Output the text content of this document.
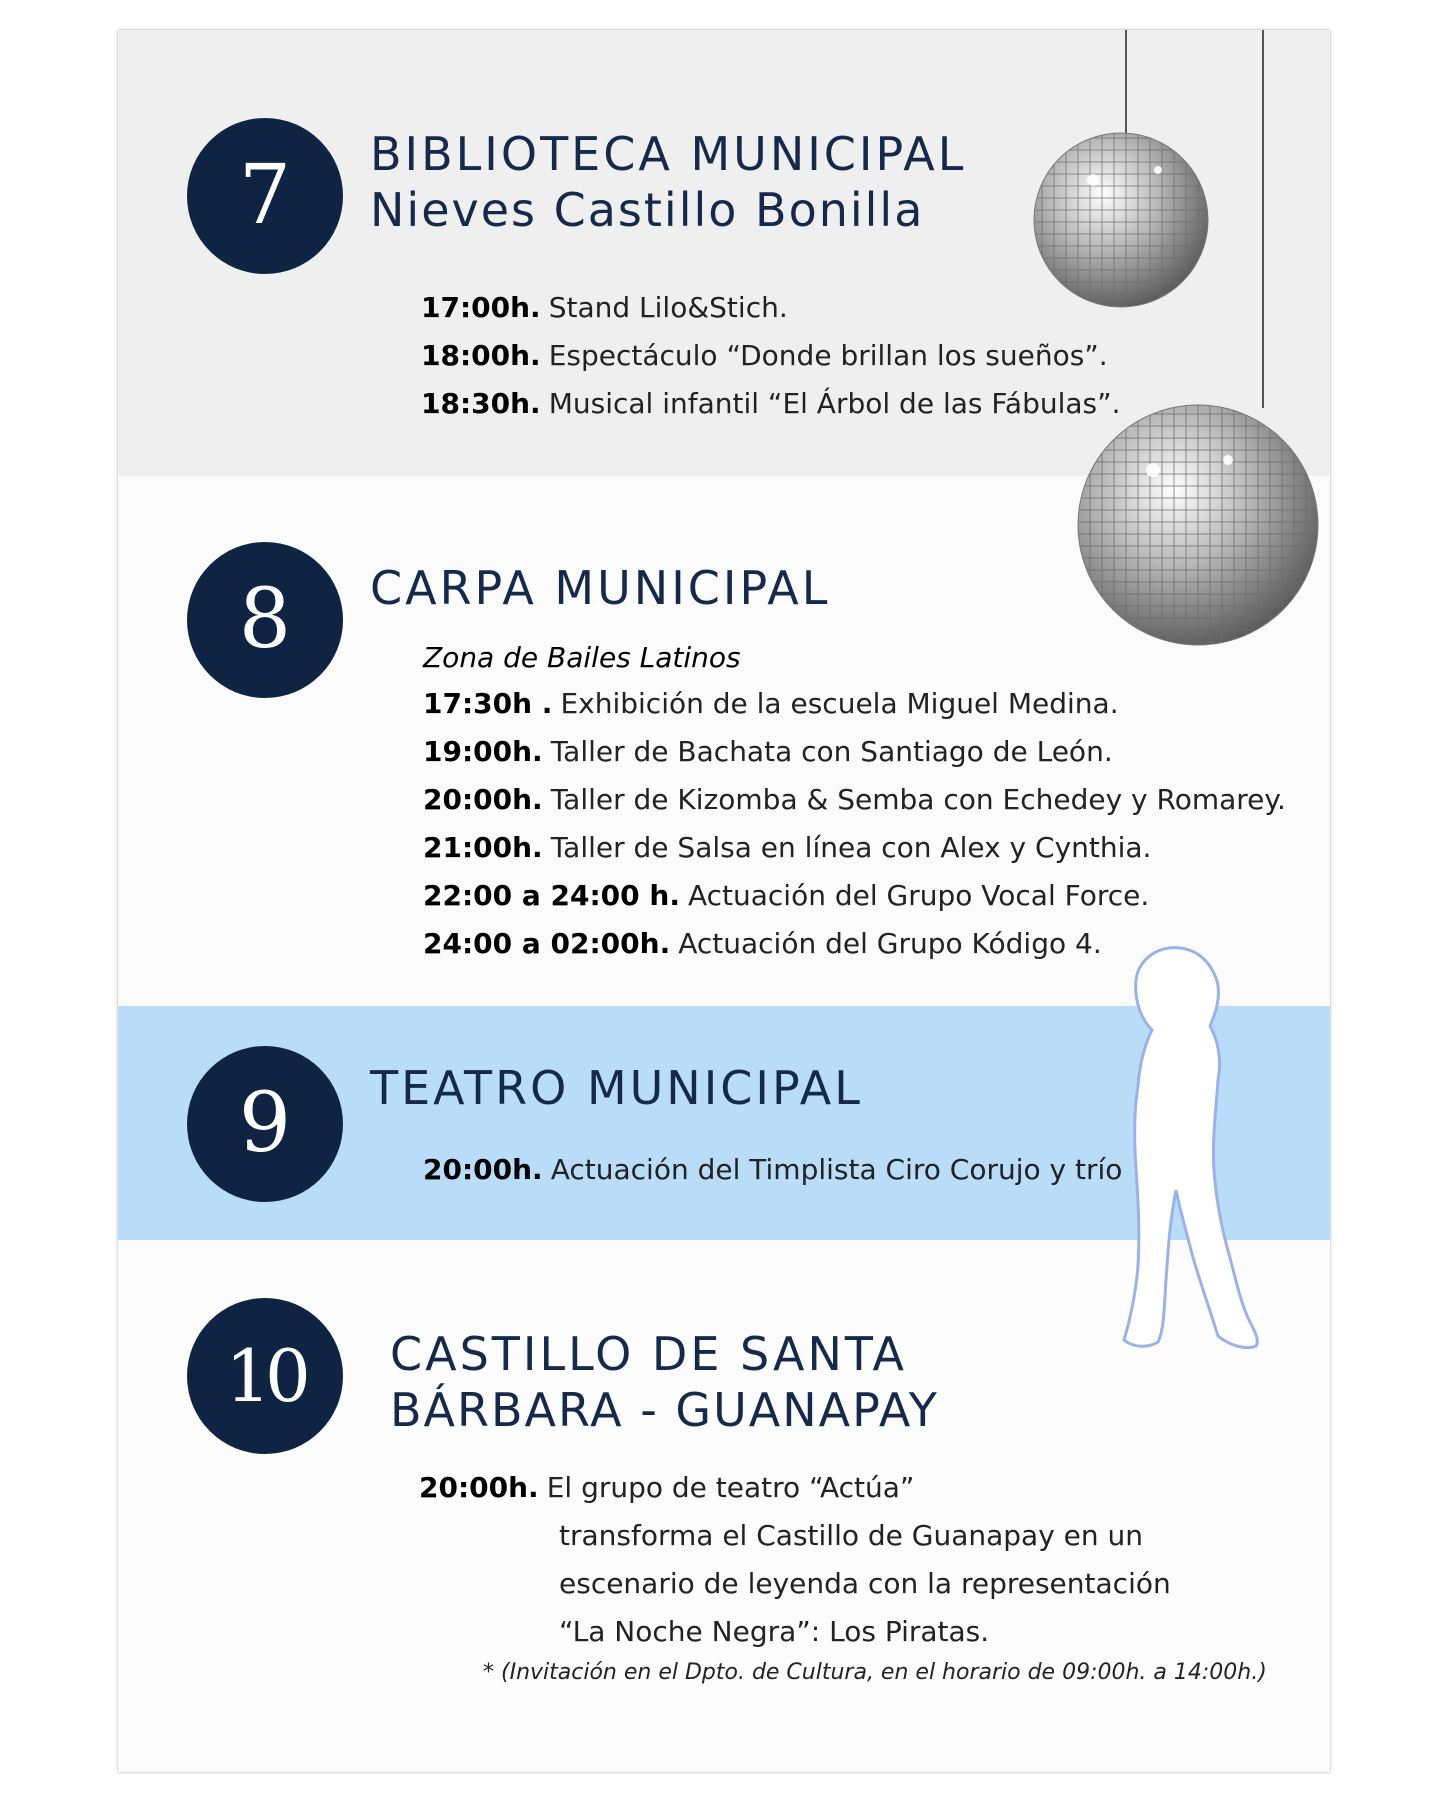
7	BIBLIOTECA MUNICIPAL
Nieves Castillo Bonilla
17:00h. Stand Lilo&Stich.
18:00h. Espectáculo “Donde brillan los sueños”.
18:30h. Musical infantil “El Árbol de las Fábulas”.
8	CARPA MUNICIPAL
Zona de Bailes Latinos
17:30h . Exhibición de la escuela Miguel Medina.
19:00h. Taller de Bachata con Santiago de León.
20:00h. Taller de Kizomba & Semba con Echedey y Romarey.
21:00h. Taller de Salsa en línea con Alex y Cynthia.
22:00 a 24:00 h. Actuación del Grupo Vocal Force.
24:00 a 02:00h. Actuación del Grupo Kódigo 4.
9	TEATRO MUNICIPAL
20:00h. Actuación del Timplista Ciro Corujo y trío
10	CASTILLO DE SANTA
BÁRBARA - GUANAPAY
20:00h. El grupo de teatro “Actúa”
transforma el Castillo de Guanapay en un
escenario de leyenda con la representación
“La Noche Negra”: Los Piratas.
* (Invitación en el Dpto. de Cultura, en el horario de 09:00h. a 14:00h.)
